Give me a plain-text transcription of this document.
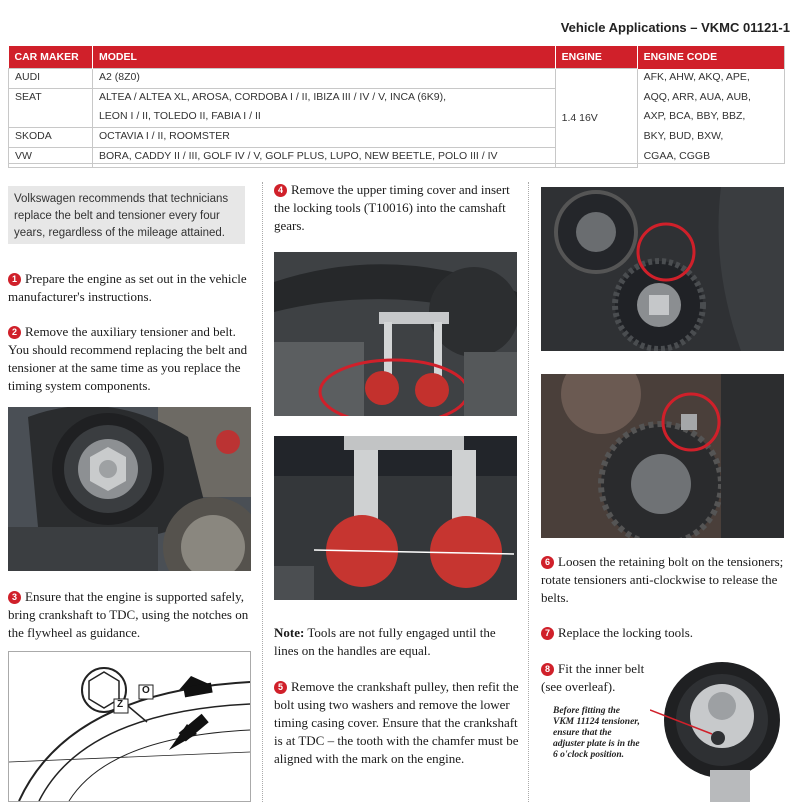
Vehicle Applications – VKMC 01121-1
CAR MAKER	MODEL	ENGINE	ENGINE CODE
AUDI	A2 (8Z0)	1.4 16V	AFK, AHW, AKQ, APE,
SEAT	ALTEA / ALTEA XL, AROSA, CORDOBA I / II, IBIZA III / IV / V, INCA (6K9),		AQQ, ARR, AUA, AUB,
	LEON I / II, TOLEDO II, FABIA I / II		AXP, BCA, BBY, BBZ,
SKODA	OCTAVIA I / II, ROOMSTER		BKY, BUD, BXW,
VW	BORA, CADDY II / III, GOLF IV / V, GOLF PLUS, LUPO, NEW BEETLE, POLO III / IV		CGAA, CGGB
Volkswagen recommends that technicians replace the belt and tensioner every four years, regardless of the mileage attained.
1 Prepare the engine as set out in the vehicle manufacturer's instructions.
2 Remove the auxiliary tensioner and belt. You should recommend replacing the belt and tensioner at the same time as you replace the timing system components.
3 Ensure that the engine is supported safely, bring crankshaft to TDC, using the notches on the flywheel as guidance.
O
Z
4 Remove the upper timing cover and insert the locking tools (T10016) into the camshaft gears.
Note: Tools are not fully engaged until the lines on the handles are equal.
5 Remove the crankshaft pulley, then refit the bolt using two washers and remove the lower timing casing cover. Ensure that the crankshaft is at TDC – the tooth with the chamfer must be aligned with the mark on the engine.
6 Loosen the retaining bolt on the tensioners; rotate tensioners anti-clockwise to release the belts.
7 Replace the locking tools.
8 Fit the inner belt (see overleaf).
Before fitting the VKM 11124 tensioner, ensure that the adjuster plate is in the 6 o'clock position.
